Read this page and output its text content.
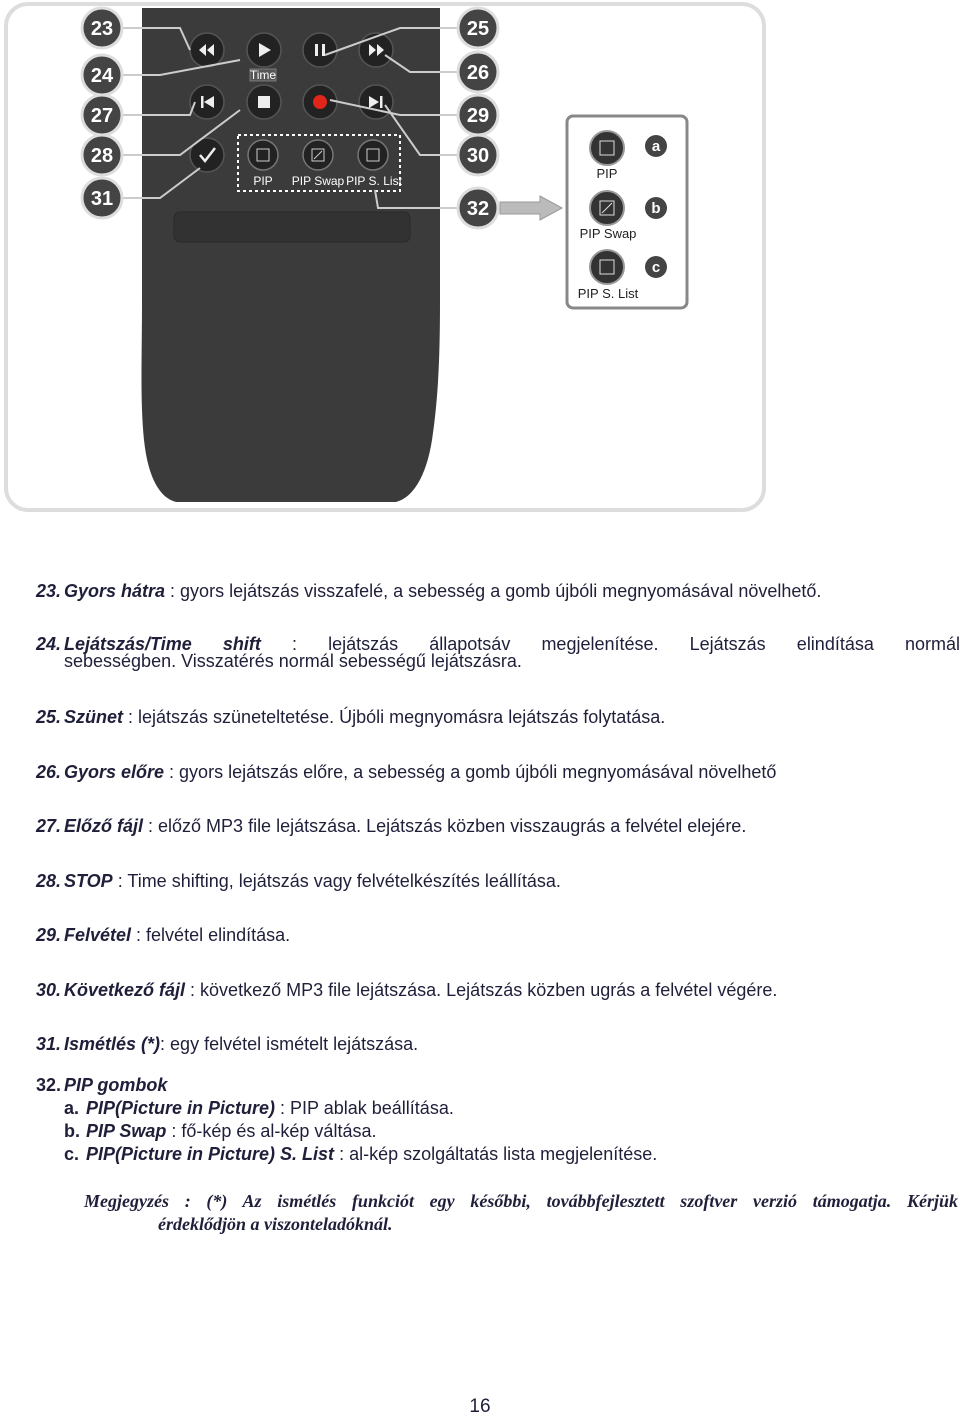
Time
PIP PIP Swap PIP S. List
23
24
27
28
31
25
26
29
30
32
PIP
a
PIP Swap
b
PIP S. List
c
23. Gyors hátra : gyors lejátszás visszafelé, a sebesség a gomb újbóli megnyomásával növelhető.
24. Lejátszás/Time shift : lejátszás állapotsáv megjelenítése. Lejátszás elindítása normál
sebességben. Visszatérés normál sebességű lejátszásra.
25. Szünet : lejátszás szüneteltetése. Újbóli megnyomásra lejátszás folytatása.
26. Gyors előre : gyors lejátszás előre, a sebesség a gomb újbóli megnyomásával növelhető
27. Előző fájl : előző MP3 file lejátszása. Lejátszás közben visszaugrás a felvétel elejére.
28. STOP : Time shifting, lejátszás vagy felvételkészítés leállítása.
29. Felvétel : felvétel elindítása.
30. Következő fájl : következő MP3 file lejátszása. Lejátszás közben ugrás a felvétel végére.
31. Ismétlés (*): egy felvétel ismételt lejátszása.
32. PIP gombok
a. PIP(Picture in Picture) : PIP ablak beállítása.
b. PIP Swap : fő-kép és al-kép váltása.
c. PIP(Picture in Picture) S. List : al-kép szolgáltatás lista megjelenítése.
Megjegyzés : (*) Az ismétlés funkciót egy későbbi, továbbfejlesztett szoftver verzió támogatja. Kérjük
érdeklődjön a viszonteladóknál.
16
